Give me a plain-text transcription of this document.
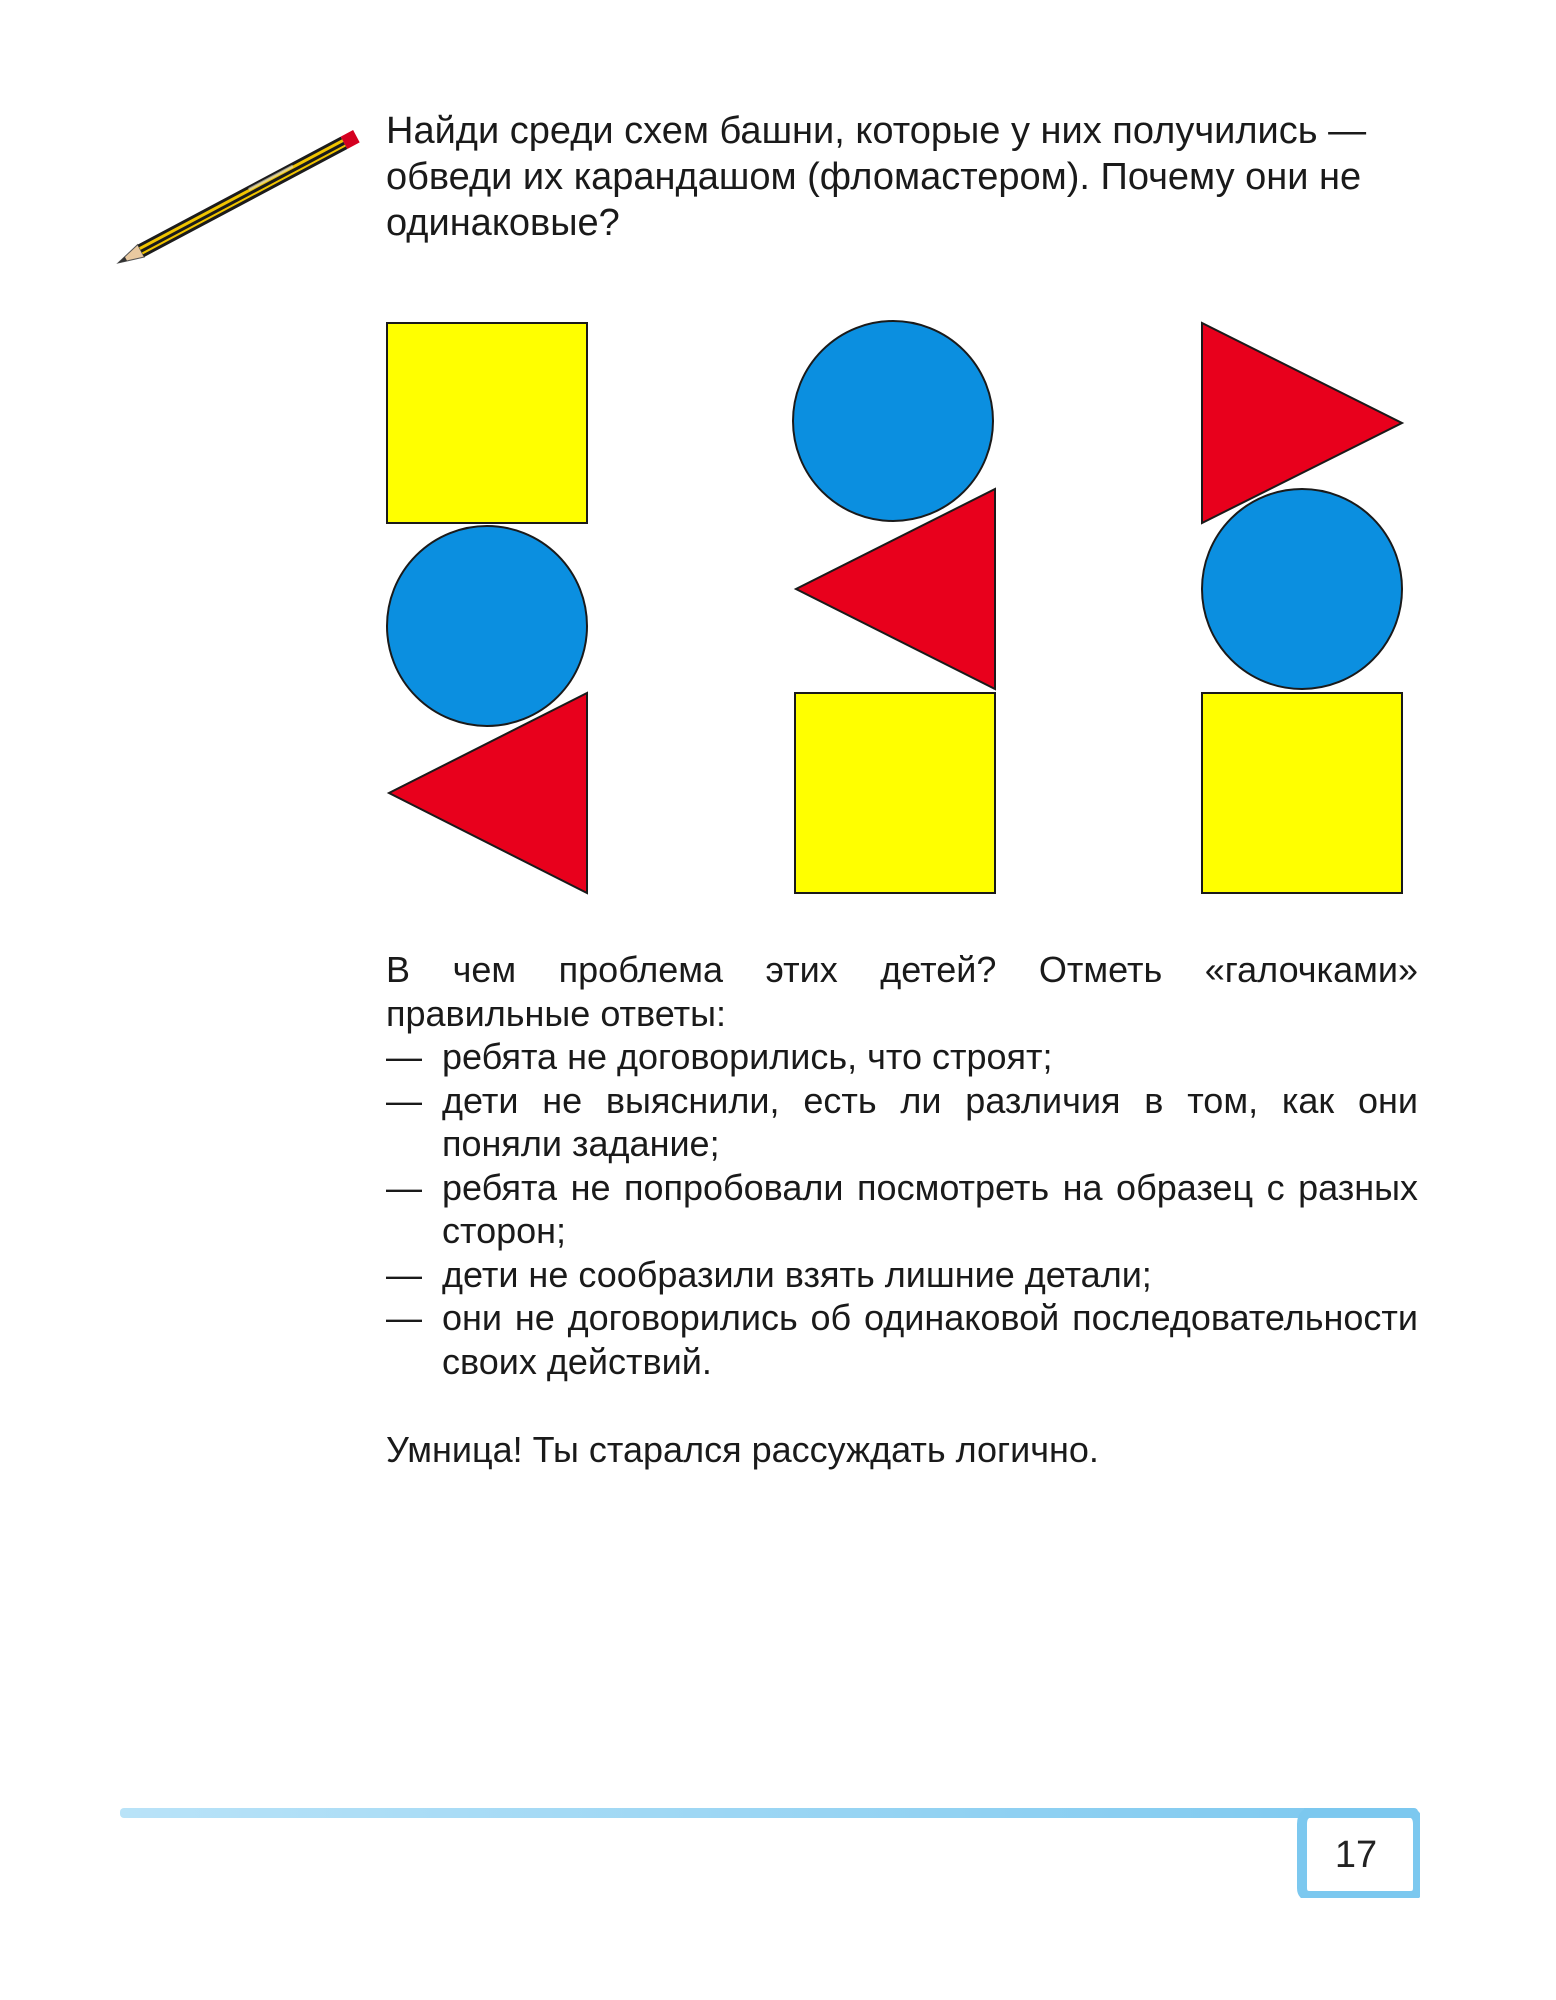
Найди среди схем башни, которые у них получились — обведи их карандашом (фломастером). Почему они не одинаковые?

В чем проблема этих детей? Отметь «галочками» правильные ответы:
— ребята не договорились, что строят;
— дети не выяснили, есть ли различия в том, как они поняли задание;
— ребята не попробовали посмотреть на образец с разных сторон;
— дети не сообразили взять лишние детали;
— они не договорились об одинаковой последовательности своих действий.

Умница! Ты старался рассуждать логично.

17
